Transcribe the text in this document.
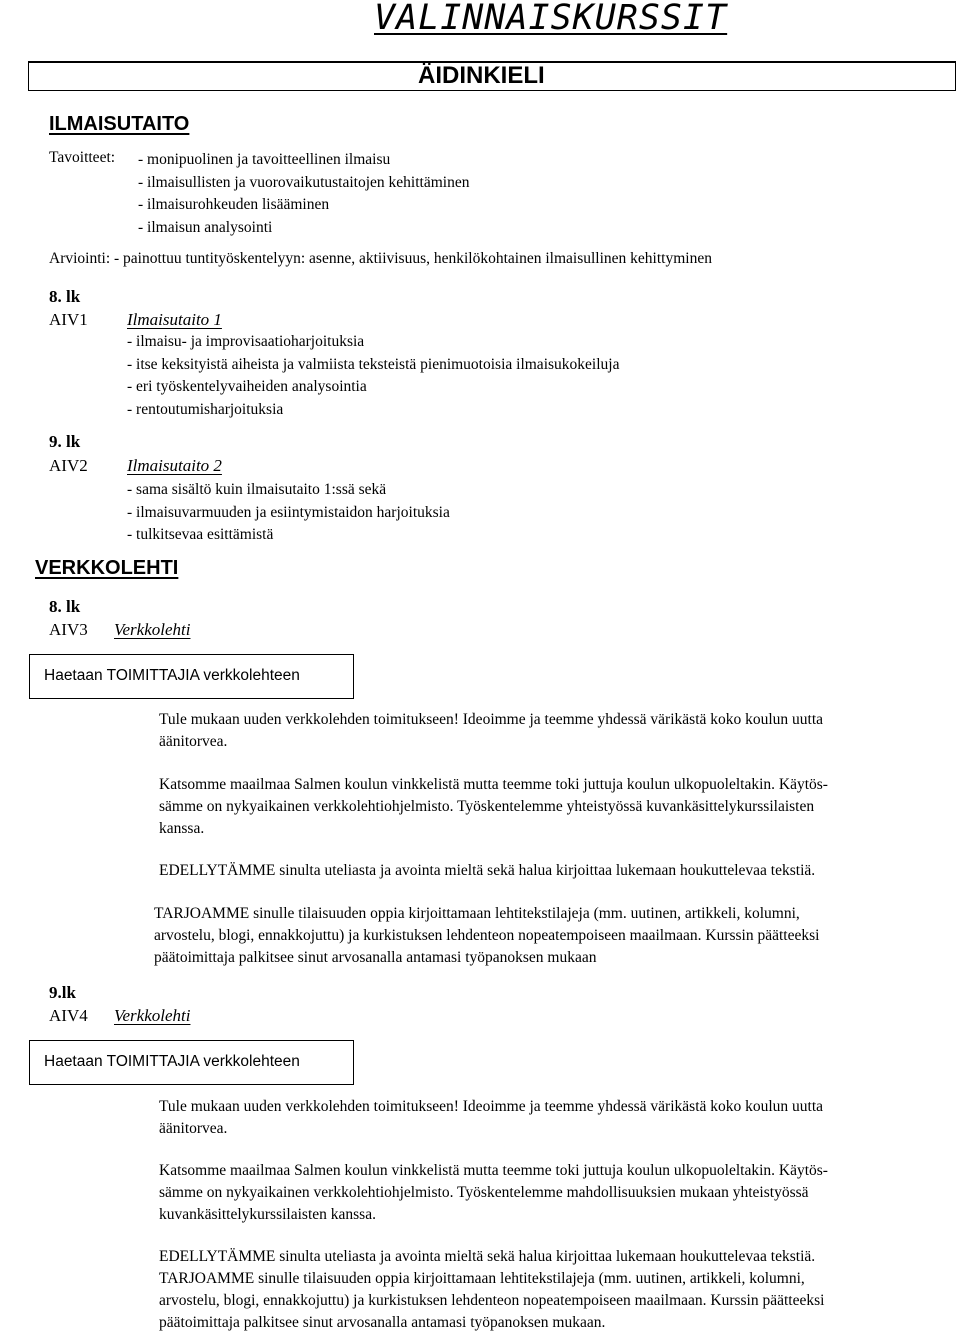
VALINNAISKURSSIT
ÄIDINKIELI
ILMAISUTAITO
Tavoitteet: - monipuolinen ja tavoitteellinen ilmaisu
- ilmaisullisten ja vuorovaikutustaitojen kehittäminen
- ilmaisurohkeuden lisääminen
- ilmaisun analysointi
Arviointi: - painottuu tuntityöskentelyyn: asenne, aktiivisuus, henkilökohtainen ilmaisullinen kehittyminen
8. lk
AIV1 Ilmaisutaito 1
- ilmaisu- ja improvisaatioharjoituksia
- itse keksityistä aiheista ja valmiista teksteistä pienimuotoisia ilmaisukokeiluja
- eri työskentelyvaiheiden analysointia
- rentoutumisharjoituksia
9. lk
AIV2 Ilmaisutaito 2
- sama sisältö kuin ilmaisutaito 1:ssä sekä
- ilmaisuvarmuuden ja esiintymistaidon harjoituksia
- tulkitsevaa esittämistä
VERKKOLEHTI
8. lk
AIV3 Verkkolehti
Haetaan TOIMITTAJIA verkkolehteen
Tule mukaan uuden verkkolehden toimitukseen! Ideoimme ja teemme yhdessä värikästä koko koulun uutta
äänitorvea.
Katsomme maailmaa Salmen koulun vinkkelistä mutta teemme toki juttuja koulun ulkopuoleltakin. Käytös-
sämme on nykyaikainen verkkolehtiohjelmisto. Työskentelemme yhteistyössä kuvankäsittelykurssilaisten
kanssa.
EDELLYTÄMME sinulta uteliasta ja avointa mieltä sekä halua kirjoittaa lukemaan houkuttelevaa tekstiä.
TARJOAMME sinulle tilaisuuden oppia kirjoittamaan lehtitekstilajeja (mm. uutinen, artikkeli, kolumni,
arvostelu, blogi, ennakkojuttu) ja kurkistuksen lehdenteon nopeatempoiseen maailmaan. Kurssin päätteeksi
päätoimittaja palkitsee sinut arvosanalla antamasi työpanoksen mukaan
9.lk
AIV4 Verkkolehti
Haetaan TOIMITTAJIA verkkolehteen
Tule mukaan uuden verkkolehden toimitukseen! Ideoimme ja teemme yhdessä värikästä koko koulun uutta
äänitorvea.
Katsomme maailmaa Salmen koulun vinkkelistä mutta teemme toki juttuja koulun ulkopuoleltakin. Käytös-
sämme on nykyaikainen verkkolehtiohjelmisto. Työskentelemme mahdollisuuksien mukaan yhteistyössä
kuvankäsittelykurssilaisten kanssa.
EDELLYTÄMME sinulta uteliasta ja avointa mieltä sekä halua kirjoittaa lukemaan houkuttelevaa tekstiä.
TARJOAMME sinulle tilaisuuden oppia kirjoittamaan lehtitekstilajeja (mm. uutinen, artikkeli, kolumni,
arvostelu, blogi, ennakkojuttu) ja kurkistuksen lehdenteon nopeatempoiseen maailmaan. Kurssin päätteeksi
päätoimittaja palkitsee sinut arvosanalla antamasi työpanoksen mukaan.
